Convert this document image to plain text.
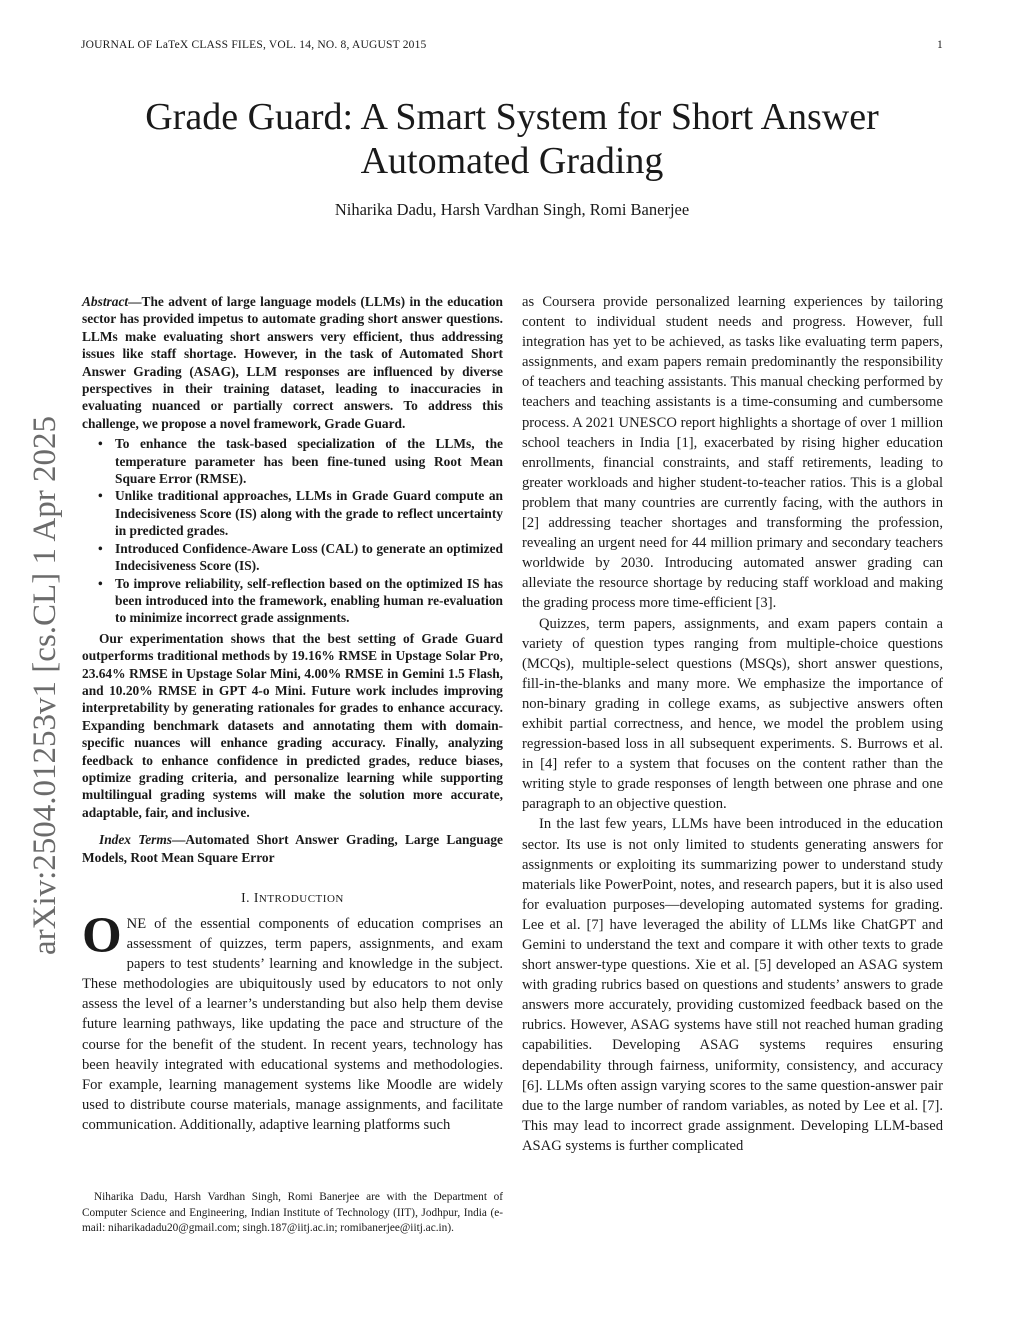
JOURNAL OF LaTeX CLASS FILES, VOL. 14, NO. 8, AUGUST 2015	1
arXiv:2504.01253v1 [cs.CL] 1 Apr 2025
Grade Guard: A Smart System for Short Answer Automated Grading
Niharika Dadu, Harsh Vardhan Singh, Romi Banerjee

Abstract—The advent of large language models (LLMs) in the education sector has provided impetus to automate grading short answer questions. LLMs make evaluating short answers very efficient, thus addressing issues like staff shortage. However, in the task of Automated Short Answer Grading (ASAG), LLM responses are influenced by diverse perspectives in their training dataset, leading to inaccuracies in evaluating nuanced or partially correct answers. To address this challenge, we propose a novel framework, Grade Guard.

• To enhance the task-based specialization of the LLMs, the temperature parameter has been fine-tuned using Root Mean Square Error (RMSE).
• Unlike traditional approaches, LLMs in Grade Guard compute an Indecisiveness Score (IS) along with the grade to reflect uncertainty in predicted grades.
• Introduced Confidence-Aware Loss (CAL) to generate an optimized Indecisiveness Score (IS).
• To improve reliability, self-reflection based on the optimized IS has been introduced into the framework, enabling human re-evaluation to minimize incorrect grade assignments.

Our experimentation shows that the best setting of Grade Guard outperforms traditional methods by 19.16% RMSE in Upstage Solar Pro, 23.64% RMSE in Upstage Solar Mini, 4.00% RMSE in Gemini 1.5 Flash, and 10.20% RMSE in GPT 4-o Mini. Future work includes improving interpretability by generating rationales for grades to enhance accuracy. Expanding benchmark datasets and annotating them with domain-specific nuances will enhance grading accuracy. Finally, analyzing feedback to enhance confidence in predicted grades, reduce biases, optimize grading criteria, and personalize learning while supporting multilingual grading systems will make the solution more accurate, adaptable, fair, and inclusive.

Index Terms—Automated Short Answer Grading, Large Language Models, Root Mean Square Error

I. INTRODUCTION

ONE of the essential components of education comprises an assessment of quizzes, term papers, assignments, and exam papers to test students’ learning and knowledge in the subject. These methodologies are ubiquitously used by educators to not only assess the level of a learner’s understanding but also help them devise future learning pathways, like updating the pace and structure of the course for the benefit of the student. In recent years, technology has been heavily integrated with educational systems and methodologies. For example, learning management systems like Moodle are widely used to distribute course materials, manage assignments, and facilitate communication. Additionally, adaptive learning platforms such

Niharika Dadu, Harsh Vardhan Singh, Romi Banerjee are with the Department of Computer Science and Engineering, Indian Institute of Technology (IIT), Jodhpur, India (e-mail: niharikadadu20@gmail.com; singh.187@iitj.ac.in; romibanerjee@iitj.ac.in).

as Coursera provide personalized learning experiences by tailoring content to individual student needs and progress. However, full integration has yet to be achieved, as tasks like evaluating term papers, assignments, and exam papers remain predominantly the responsibility of teachers and teaching assistants. This manual checking performed by teachers and teaching assistants is a time-consuming and cumbersome process. A 2021 UNESCO report highlights a shortage of over 1 million school teachers in India [1], exacerbated by rising higher education enrollments, financial constraints, and staff retirements, leading to greater workloads and higher student-to-teacher ratios. This is a global problem that many countries are currently facing, with the authors in [2] addressing teacher shortages and transforming the profession, revealing an urgent need for 44 million primary and secondary teachers worldwide by 2030. Introducing automated answer grading can alleviate the resource shortage by reducing staff workload and making the grading process more time-efficient [3].

Quizzes, term papers, assignments, and exam papers contain a variety of question types ranging from multiple-choice questions (MCQs), multiple-select questions (MSQs), short answer questions, fill-in-the-blanks and many more. We emphasize the importance of non-binary grading in college exams, as subjective answers often exhibit partial correctness, and hence, we model the problem using regression-based loss in all subsequent experiments. S. Burrows et al. in [4] refer to a system that focuses on the content rather than the writing style to grade responses of length between one phrase and one paragraph to an objective question.

In the last few years, LLMs have been introduced in the education sector. Its use is not only limited to students generating answers for assignments or exploiting its summarizing power to understand study materials like PowerPoint, notes, and research papers, but it is also used for evaluation purposes—developing automated systems for grading. Lee et al. [7] have leveraged the ability of LLMs like ChatGPT and Gemini to understand the text and compare it with other texts to grade short answer-type questions. Xie et al. [5] developed an ASAG system with grading rubrics based on questions and students’ answers to grade answers more accurately, providing customized feedback based on the rubrics. However, ASAG systems have still not reached human grading capabilities. Developing ASAG systems requires ensuring dependability through fairness, uniformity, consistency, and accuracy [6]. LLMs often assign varying scores to the same question-answer pair due to the large number of random variables, as noted by Lee et al. [7]. This may lead to incorrect grade assignment. Developing LLM-based ASAG systems is further complicated
